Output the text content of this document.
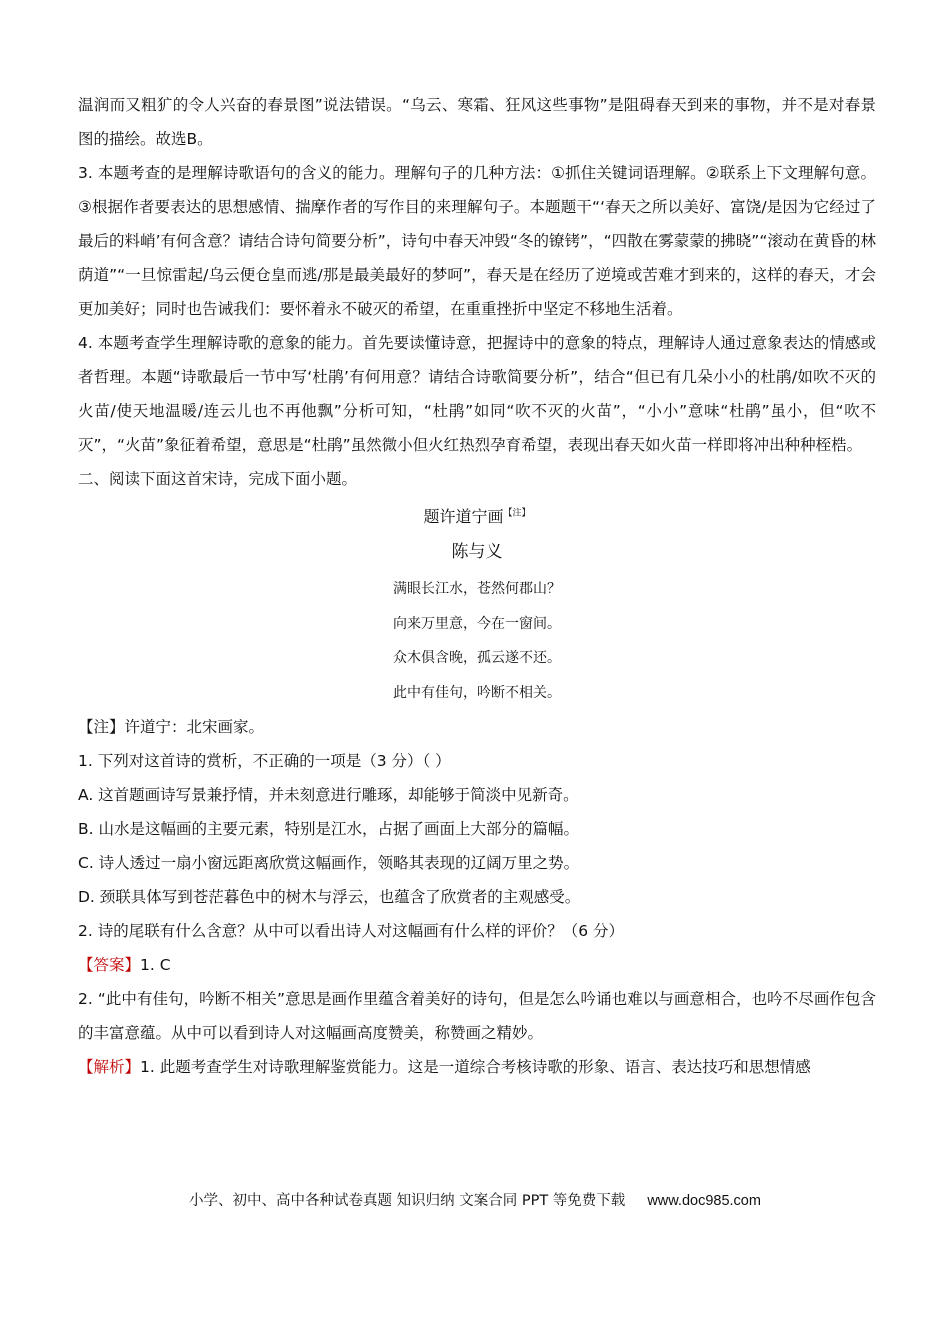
温润而又粗犷的令人兴奋的春景图”说法错误。“乌云、寒霜、狂风这些事物”是阻碍春天到来的事物，并不是对春景图的描绘。故选B。

3. 本题考查的是理解诗歌语句的含义的能力。理解句子的几种方法：①抓住关键词语理解。②联系上下文理解句意。③根据作者要表达的思想感情、揣摩作者的写作目的来理解句子。本题题干“‘春天之所以美好、富饶/是因为它经过了最后的料峭’有何含意？请结合诗句简要分析”，诗句中春天冲毁“冬的镣铐”，“四散在雾蒙蒙的拂晓”“滚动在黄昏的林荫道”“一旦惊雷起/乌云便仓皇而逃/那是最美最好的梦呵”，春天是在经历了逆境或苦难才到来的，这样的春天，才会更加美好；同时也告诫我们：要怀着永不破灭的希望，在重重挫折中坚定不移地生活着。

4. 本题考查学生理解诗歌的意象的能力。首先要读懂诗意，把握诗中的意象的特点，理解诗人通过意象表达的情感或者哲理。本题“诗歌最后一节中写‘杜鹃’有何用意？请结合诗歌简要分析”，结合“但已有几朵小小的杜鹃/如吹不灭的火苗/使天地温暖/连云儿也不再他飘”分析可知，“杜鹃”如同“吹不灭的火苗”，“小小”意味“杜鹃”虽小，但“吹不灭”，“火苗”象征着希望，意思是“杜鹃”虽然微小但火红热烈孕育希望，表现出春天如火苗一样即将冲出种种桎梏。

二、阅读下面这首宋诗，完成下面小题。

题许道宁画$^{【注】}$
陈与义
满眼长江水，苍然何郡山？
向来万里意，今在一窗间。
众木俱含晚，孤云遂不还。
此中有佳句，吟断不相关。

【注】许道宁：北宋画家。

1. 下列对这首诗的赏析，不正确的一项是（3 分）（ ）

A. 这首题画诗写景兼抒情，并未刻意进行雕琢，却能够于简淡中见新奇。

B. 山水是这幅画的主要元素，特别是江水，占据了画面上大部分的篇幅。

C. 诗人透过一扇小窗远距离欣赏这幅画作，领略其表现的辽阔万里之势。

D. 颈联具体写到苍茫暮色中的树木与浮云，也蕴含了欣赏者的主观感受。

2. 诗的尾联有什么含意？从中可以看出诗人对这幅画有什么样的评价？（6 分）

【答案】1. C

2. “此中有佳句，吟断不相关”意思是画作里蕴含着美好的诗句，但是怎么吟诵也难以与画意相合，也吟不尽画作包含的丰富意蕴。从中可以看到诗人对这幅画高度赞美，称赞画之精妙。

【解析】1. 此题考查学生对诗歌理解鉴赏能力。这是一道综合考核诗歌的形象、语言、表达技巧和思想情感

小学、初中、高中各种试卷真题 知识归纳 文案合同 PPT 等免费下载 www.doc985.com
